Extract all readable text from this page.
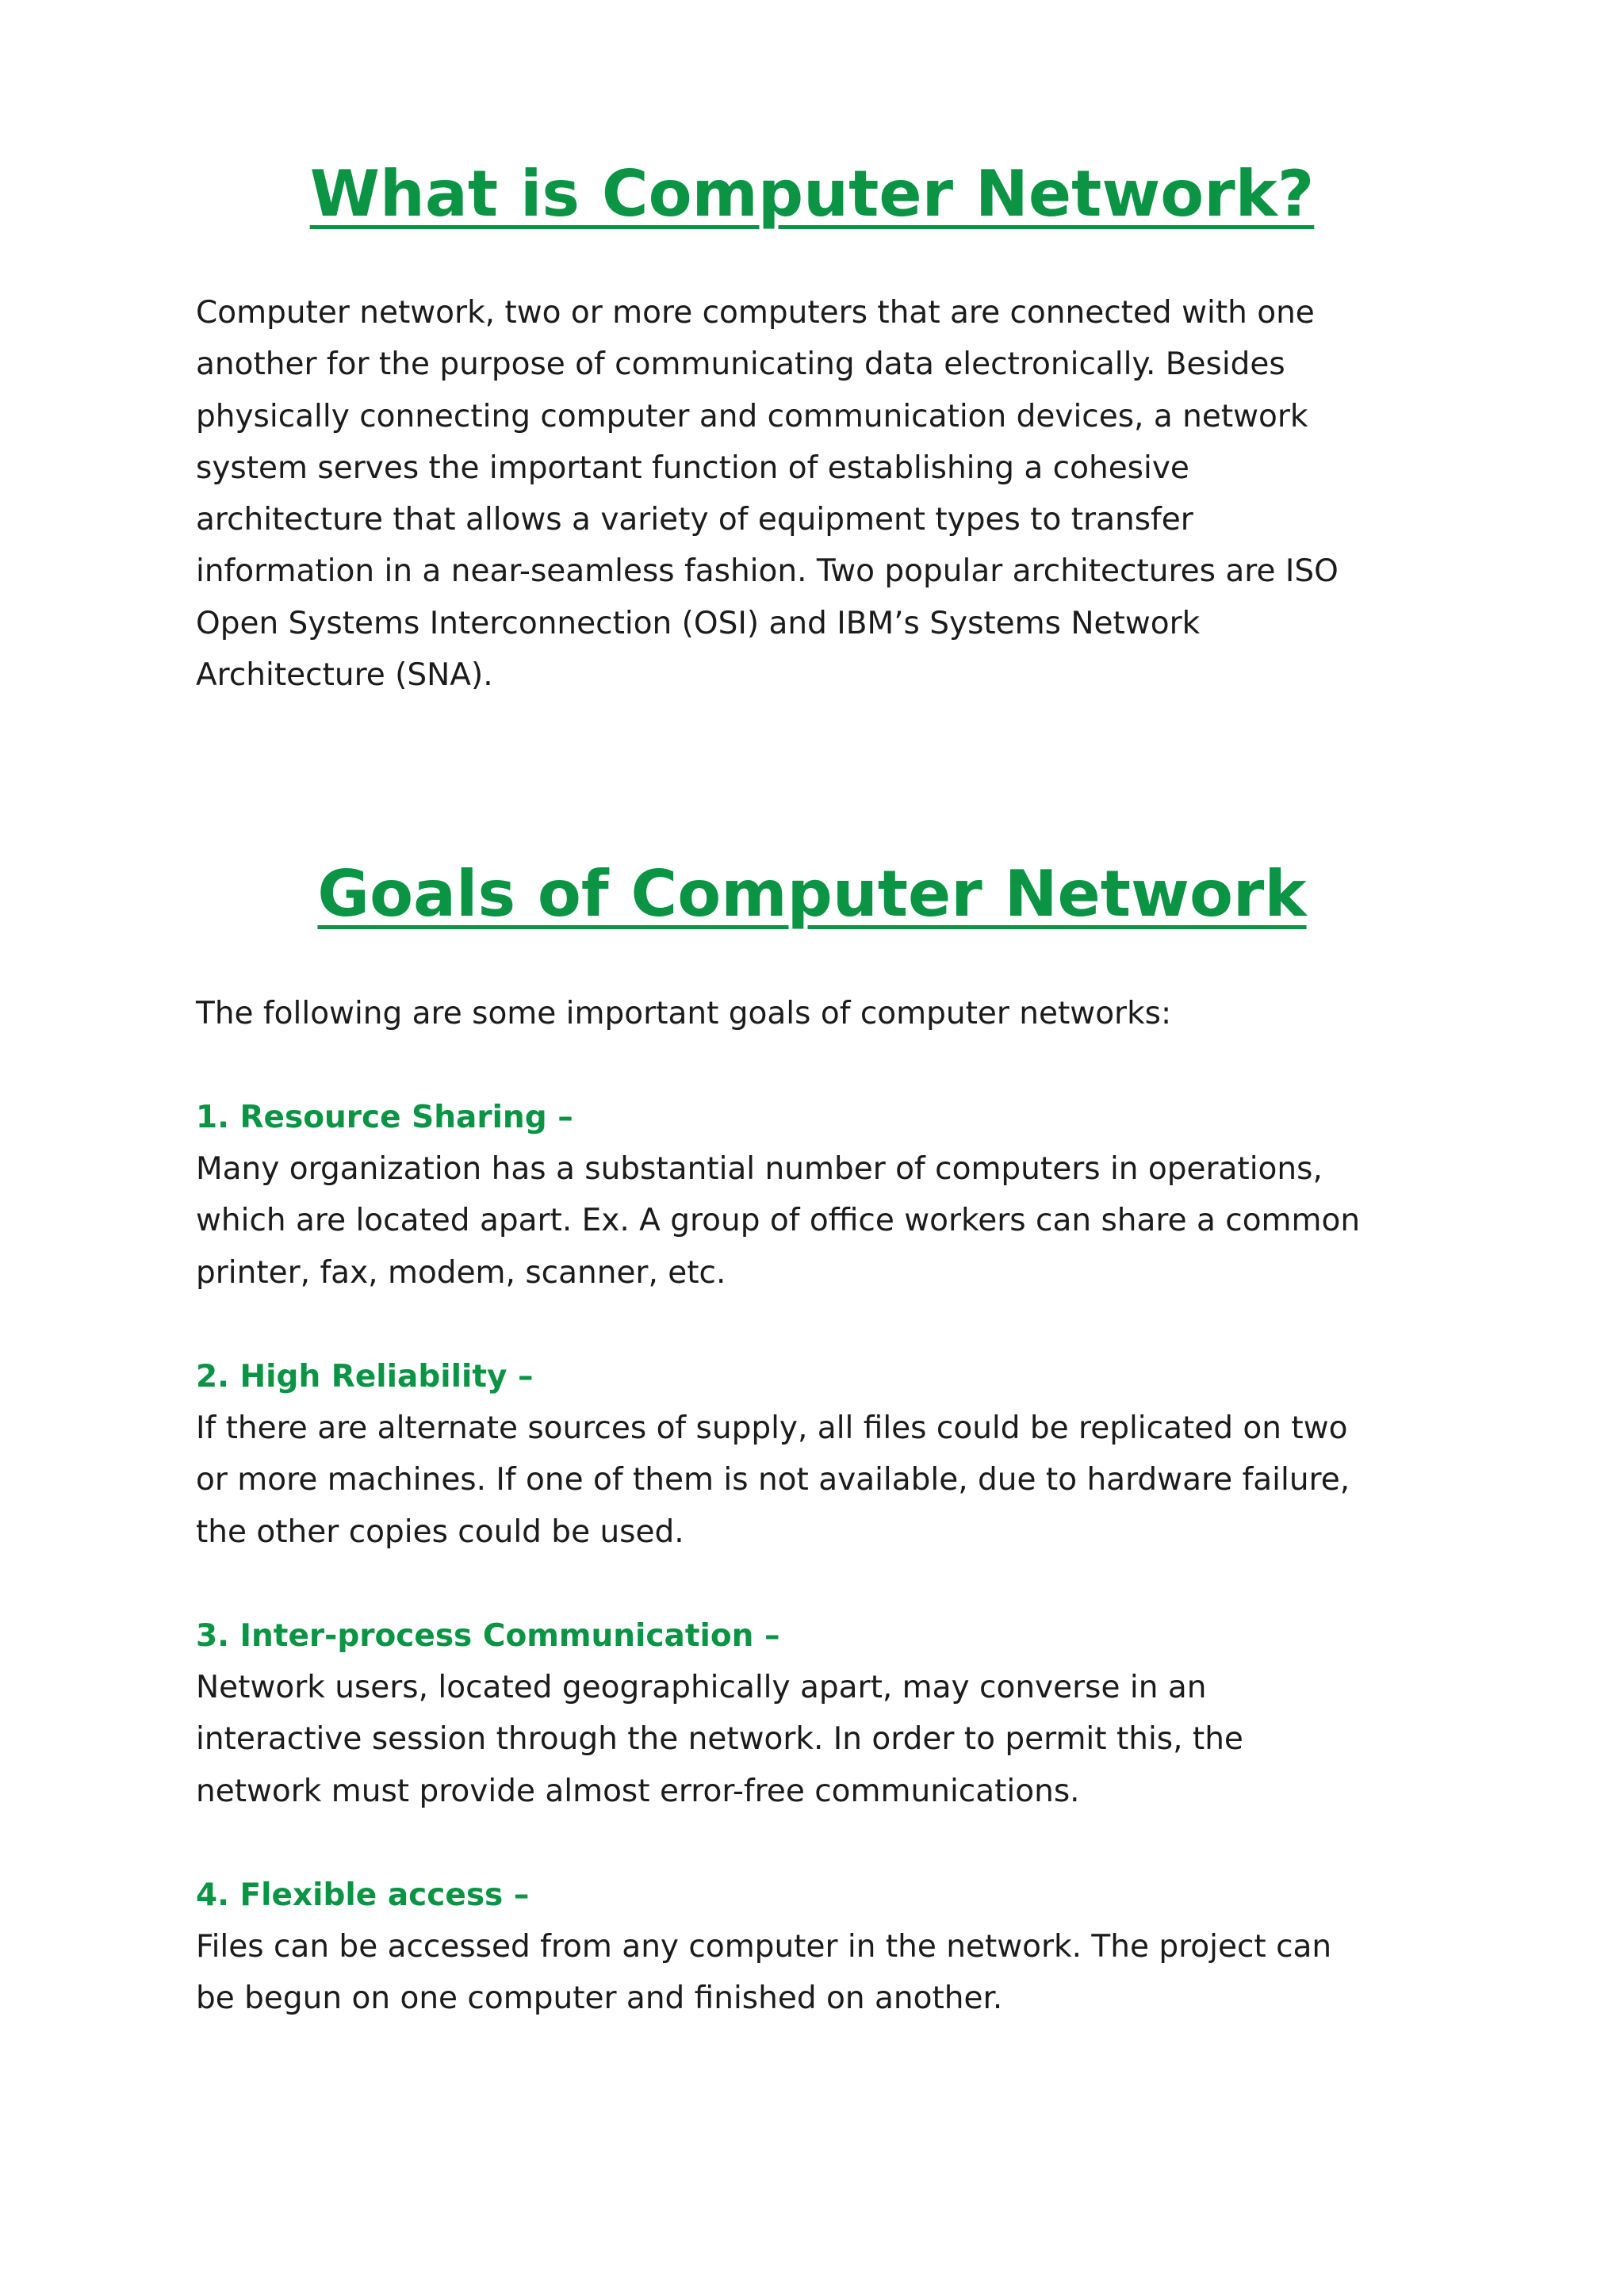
What is Computer Network?

Computer network, two or more computers that are connected with one
another for the purpose of communicating data electronically. Besides
physically connecting computer and communication devices, a network
system serves the important function of establishing a cohesive
architecture that allows a variety of equipment types to transfer
information in a near-seamless fashion. Two popular architectures are ISO
Open Systems Interconnection (OSI) and IBM’s Systems Network
Architecture (SNA).

Goals of Computer Network

The following are some important goals of computer networks:

1. Resource Sharing –

Many organization has a substantial number of computers in operations,
which are located apart. Ex. A group of office workers can share a common
printer, fax, modem, scanner, etc.

2. High Reliability –

If there are alternate sources of supply, all files could be replicated on two
or more machines. If one of them is not available, due to hardware failure,
the other copies could be used.

3. Inter-process Communication –

Network users, located geographically apart, may converse in an
interactive session through the network. In order to permit this, the
network must provide almost error-free communications.

4. Flexible access –

Files can be accessed from any computer in the network. The project can
be begun on one computer and finished on another.
